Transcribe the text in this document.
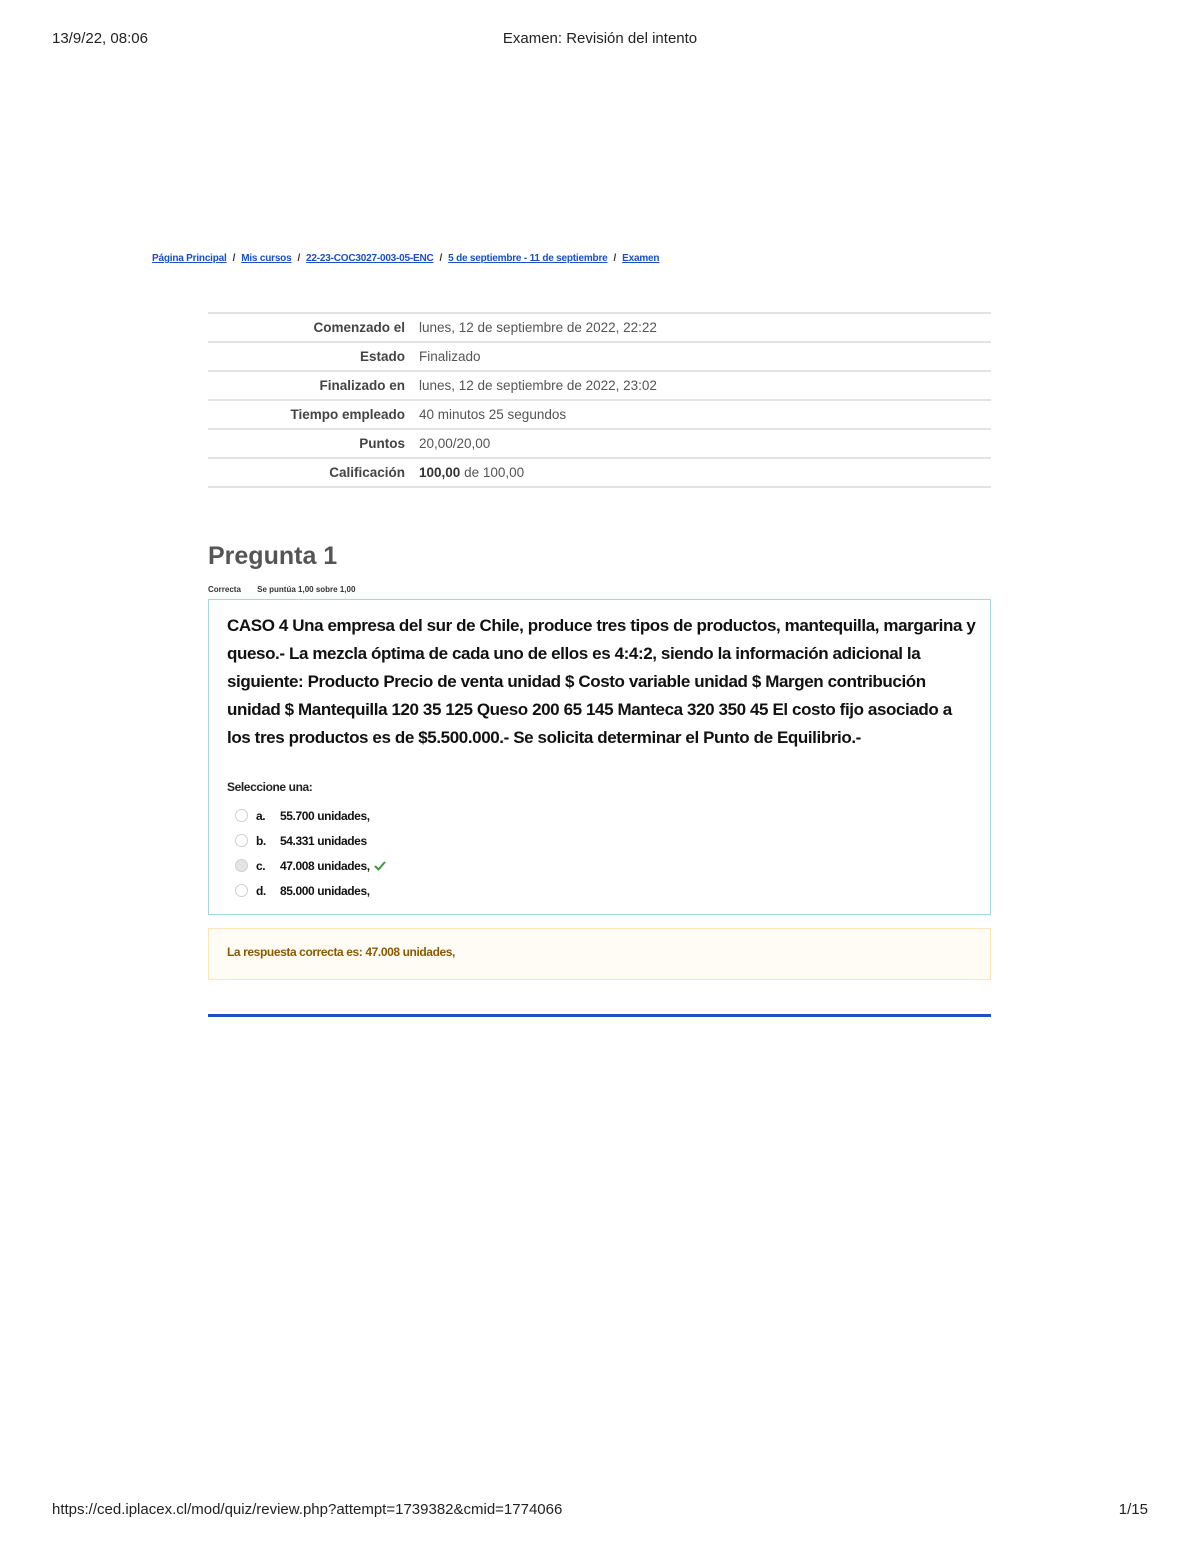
13/9/22, 08:06	Examen: Revisión del intento
Página Principal / Mis cursos / 22-23-COC3027-003-05-ENC / 5 de septiembre - 11 de septiembre / Examen
Comenzado el	lunes, 12 de septiembre de 2022, 22:22
Estado	Finalizado
Finalizado en	lunes, 12 de septiembre de 2022, 23:02
Tiempo empleado	40 minutos 25 segundos
Puntos	20,00/20,00
Calificación	100,00 de 100,00
Pregunta 1
Correcta Se puntúa 1,00 sobre 1,00

CASO 4 Una empresa del sur de Chile, produce tres tipos de productos, mantequilla, margarina y queso.- La mezcla óptima de cada uno de ellos es 4:4:2, siendo la información adicional la siguiente: Producto Precio de venta unidad $ Costo variable unidad $ Margen contribución unidad $ Mantequilla 120 35 125 Queso 200 65 145 Manteca 320 350 45 El costo fijo asociado a los tres productos es de $5.500.000.- Se solicita determinar el Punto de Equilibrio.-

Seleccione una:
a.	55.700 unidades,
b.	54.331 unidades
c.	47.008 unidades,
d.	85.000 unidades,
La respuesta correcta es: 47.008 unidades,
https://ced.iplacex.cl/mod/quiz/review.php?attempt=1739382&cmid=1774066	1/15
